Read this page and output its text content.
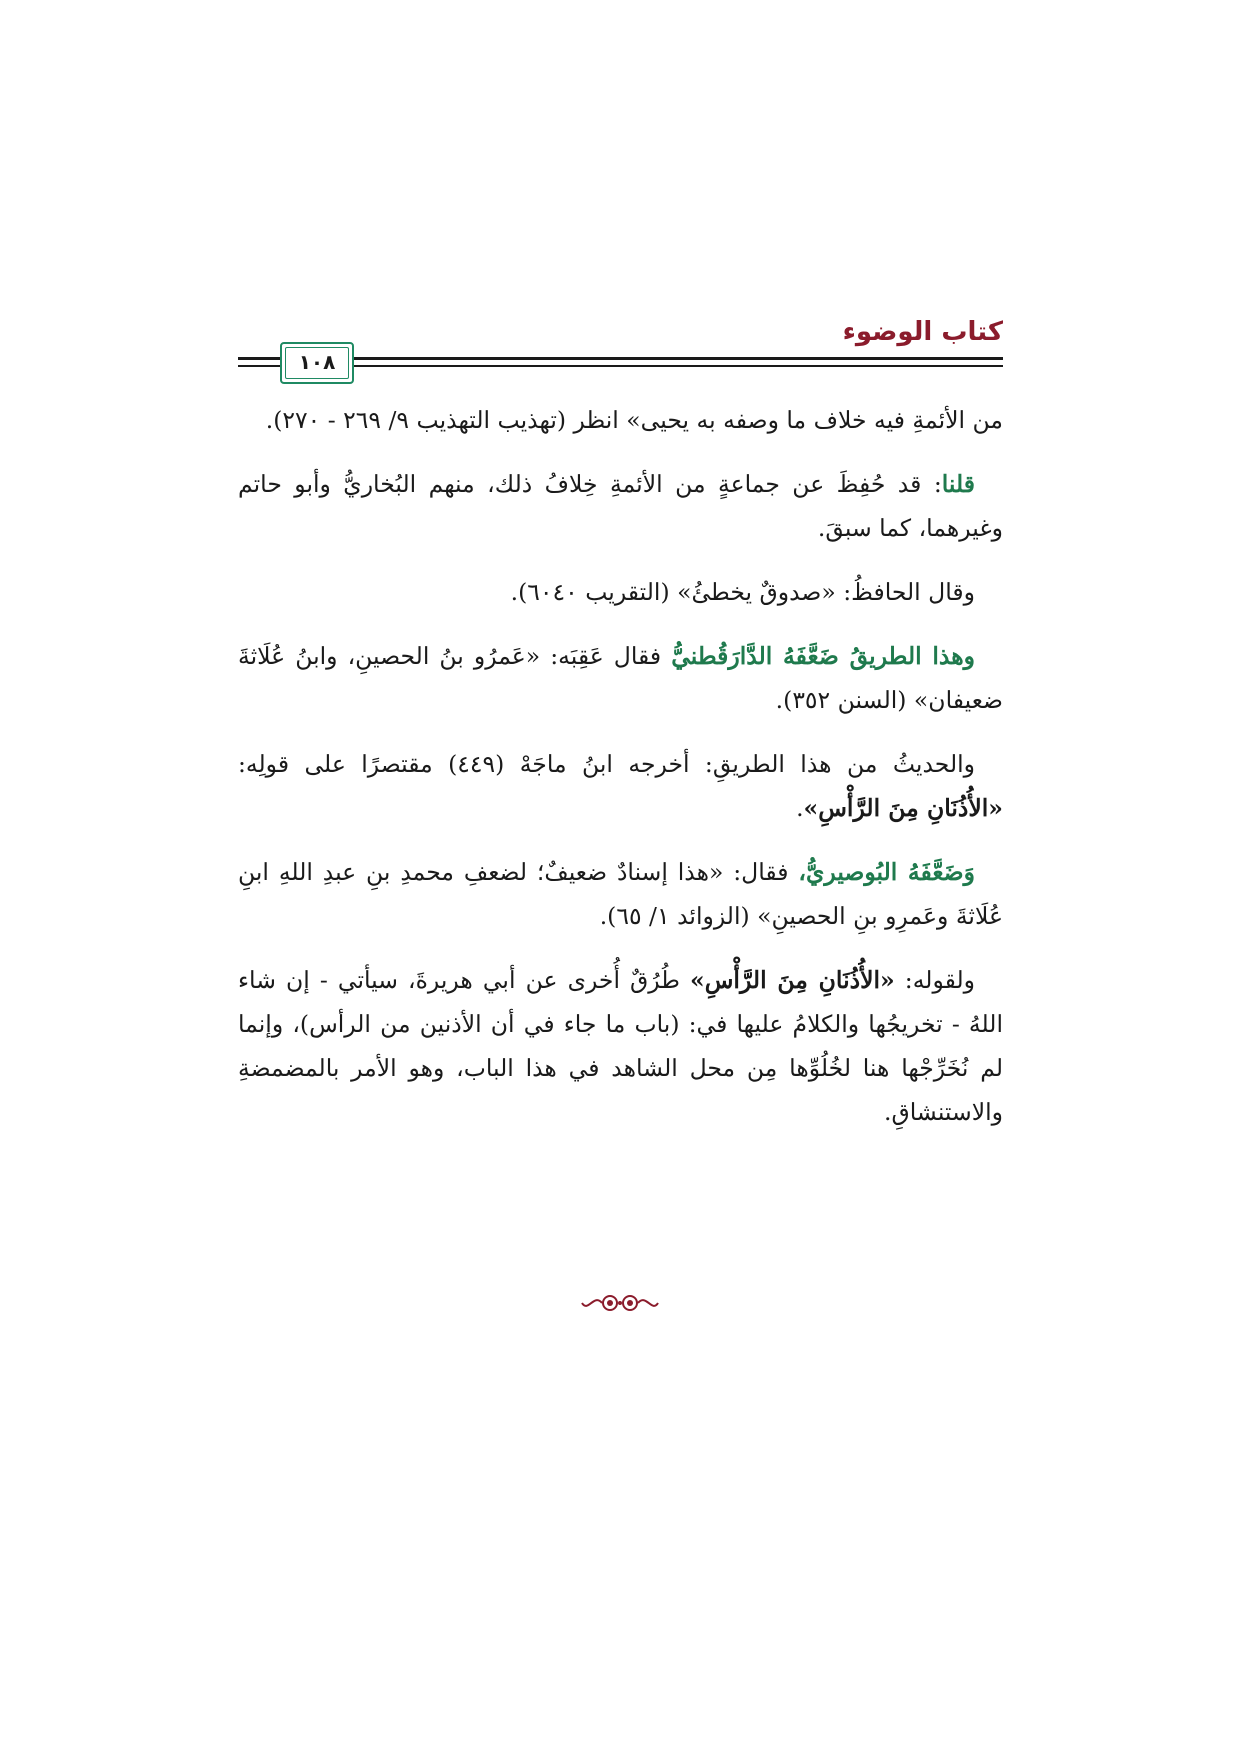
كتاب الوضوء
١٠٨

من الأئمةِ فيه خلاف ما وصفه به يحيى» انظر (تهذيب التهذيب ٩/ ٢٦٩ - ٢٧٠).

قلنا: قد حُفِظَ عن جماعةٍ من الأئمةِ خِلافُ ذلك، منهم البُخاريُّ وأبو حاتم وغيرهما، كما سبقَ.

وقال الحافظُ: «صدوقٌ يخطئُ» (التقريب ٦٠٤٠).

وهذا الطريقُ ضَعَّفَهُ الدَّارَقُطنيُّ فقال عَقِبَه: «عَمرُو بنُ الحصينِ، وابنُ عُلَاثةَ ضعيفان» (السنن ٣٥٢).

والحديثُ من هذا الطريقِ: أخرجه ابنُ ماجَهْ (٤٤٩) مقتصرًا على قولِه: «الأُذُنَانِ مِنَ الرَّأْسِ».

وَضَعَّفَهُ البُوصيريُّ، فقال: «هذا إسنادٌ ضعيفٌ؛ لضعفِ محمدِ بنِ عبدِ اللهِ ابنِ عُلَاثةَ وعَمرِو بنِ الحصينِ» (الزوائد ١/ ٦٥).

ولقوله: «الأُذُنَانِ مِنَ الرَّأْسِ» طُرُقٌ أُخرى عن أبي هريرةَ، سيأتي - إن شاء اللهُ - تخريجُها والكلامُ عليها في: (باب ما جاء في أن الأذنين من الرأس)، وإنما لم نُخَرِّجْها هنا لخُلُوِّها مِن محل الشاهد في هذا الباب، وهو الأمر بالمضمضةِ والاستنشاقِ.
